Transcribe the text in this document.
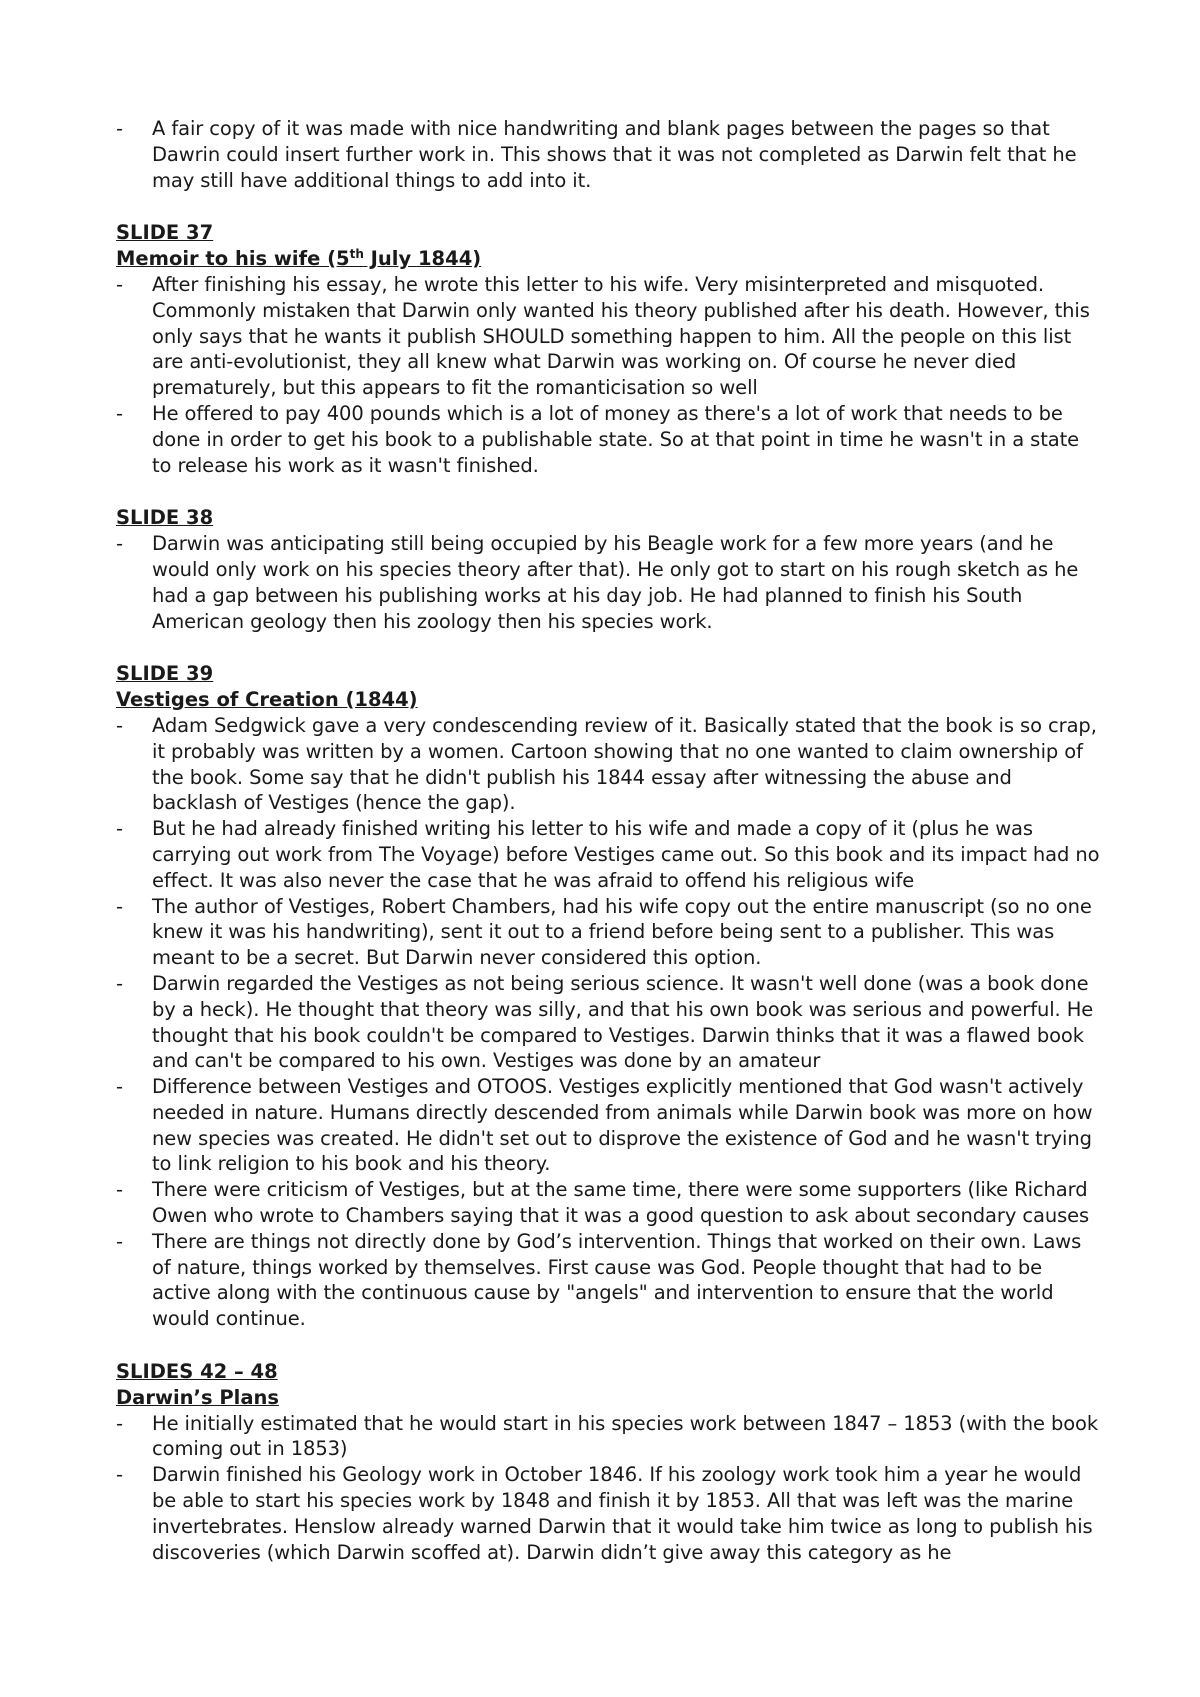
- A fair copy of it was made with nice handwriting and blank pages between the pages so that Dawrin could insert further work in. This shows that it was not completed as Darwin felt that he may still have additional things to add into it.
SLIDE 37
Memoir to his wife (5th July 1844)
- After finishing his essay, he wrote this letter to his wife. Very misinterpreted and misquoted. Commonly mistaken that Darwin only wanted his theory published after his death. However, this only says that he wants it publish SHOULD something happen to him. All the people on this list are anti-evolutionist, they all knew what Darwin was working on. Of course he never died prematurely, but this appears to fit the romanticisation so well
- He offered to pay 400 pounds which is a lot of money as there's a lot of work that needs to be done in order to get his book to a publishable state. So at that point in time he wasn't in a state to release his work as it wasn't finished.
SLIDE 38
- Darwin was anticipating still being occupied by his Beagle work for a few more years (and he would only work on his species theory after that). He only got to start on his rough sketch as he had a gap between his publishing works at his day job. He had planned to finish his South American geology then his zoology then his species work.
SLIDE 39
Vestiges of Creation (1844)
- Adam Sedgwick gave a very condescending review of it. Basically stated that the book is so crap, it probably was written by a women. Cartoon showing that no one wanted to claim ownership of the book. Some say that he didn't publish his 1844 essay after witnessing the abuse and backlash of Vestiges (hence the gap).
- But he had already finished writing his letter to his wife and made a copy of it (plus he was carrying out work from The Voyage) before Vestiges came out. So this book and its impact had no effect. It was also never the case that he was afraid to offend his religious wife
- The author of Vestiges, Robert Chambers, had his wife copy out the entire manuscript (so no one knew it was his handwriting), sent it out to a friend before being sent to a publisher. This was meant to be a secret. But Darwin never considered this option.
- Darwin regarded the Vestiges as not being serious science. It wasn't well done (was a book done by a heck). He thought that theory was silly, and that his own book was serious and powerful. He thought that his book couldn't be compared to Vestiges. Darwin thinks that it was a flawed book and can't be compared to his own. Vestiges was done by an amateur
- Difference between Vestiges and OTOOS. Vestiges explicitly mentioned that God wasn't actively needed in nature. Humans directly descended from animals while Darwin book was more on how new species was created. He didn't set out to disprove the existence of God and he wasn't trying to link religion to his book and his theory.
- There were criticism of Vestiges, but at the same time, there were some supporters (like Richard Owen who wrote to Chambers saying that it was a good question to ask about secondary causes
- There are things not directly done by God’s intervention. Things that worked on their own. Laws of nature, things worked by themselves. First cause was God. People thought that had to be active along with the continuous cause by "angels" and intervention to ensure that the world would continue.
SLIDES 42 – 48
Darwin’s Plans
- He initially estimated that he would start in his species work between 1847 – 1853 (with the book coming out in 1853)
- Darwin finished his Geology work in October 1846. If his zoology work took him a year he would be able to start his species work by 1848 and finish it by 1853. All that was left was the marine invertebrates. Henslow already warned Darwin that it would take him twice as long to publish his discoveries (which Darwin scoffed at). Darwin didn’t give away this category as he
